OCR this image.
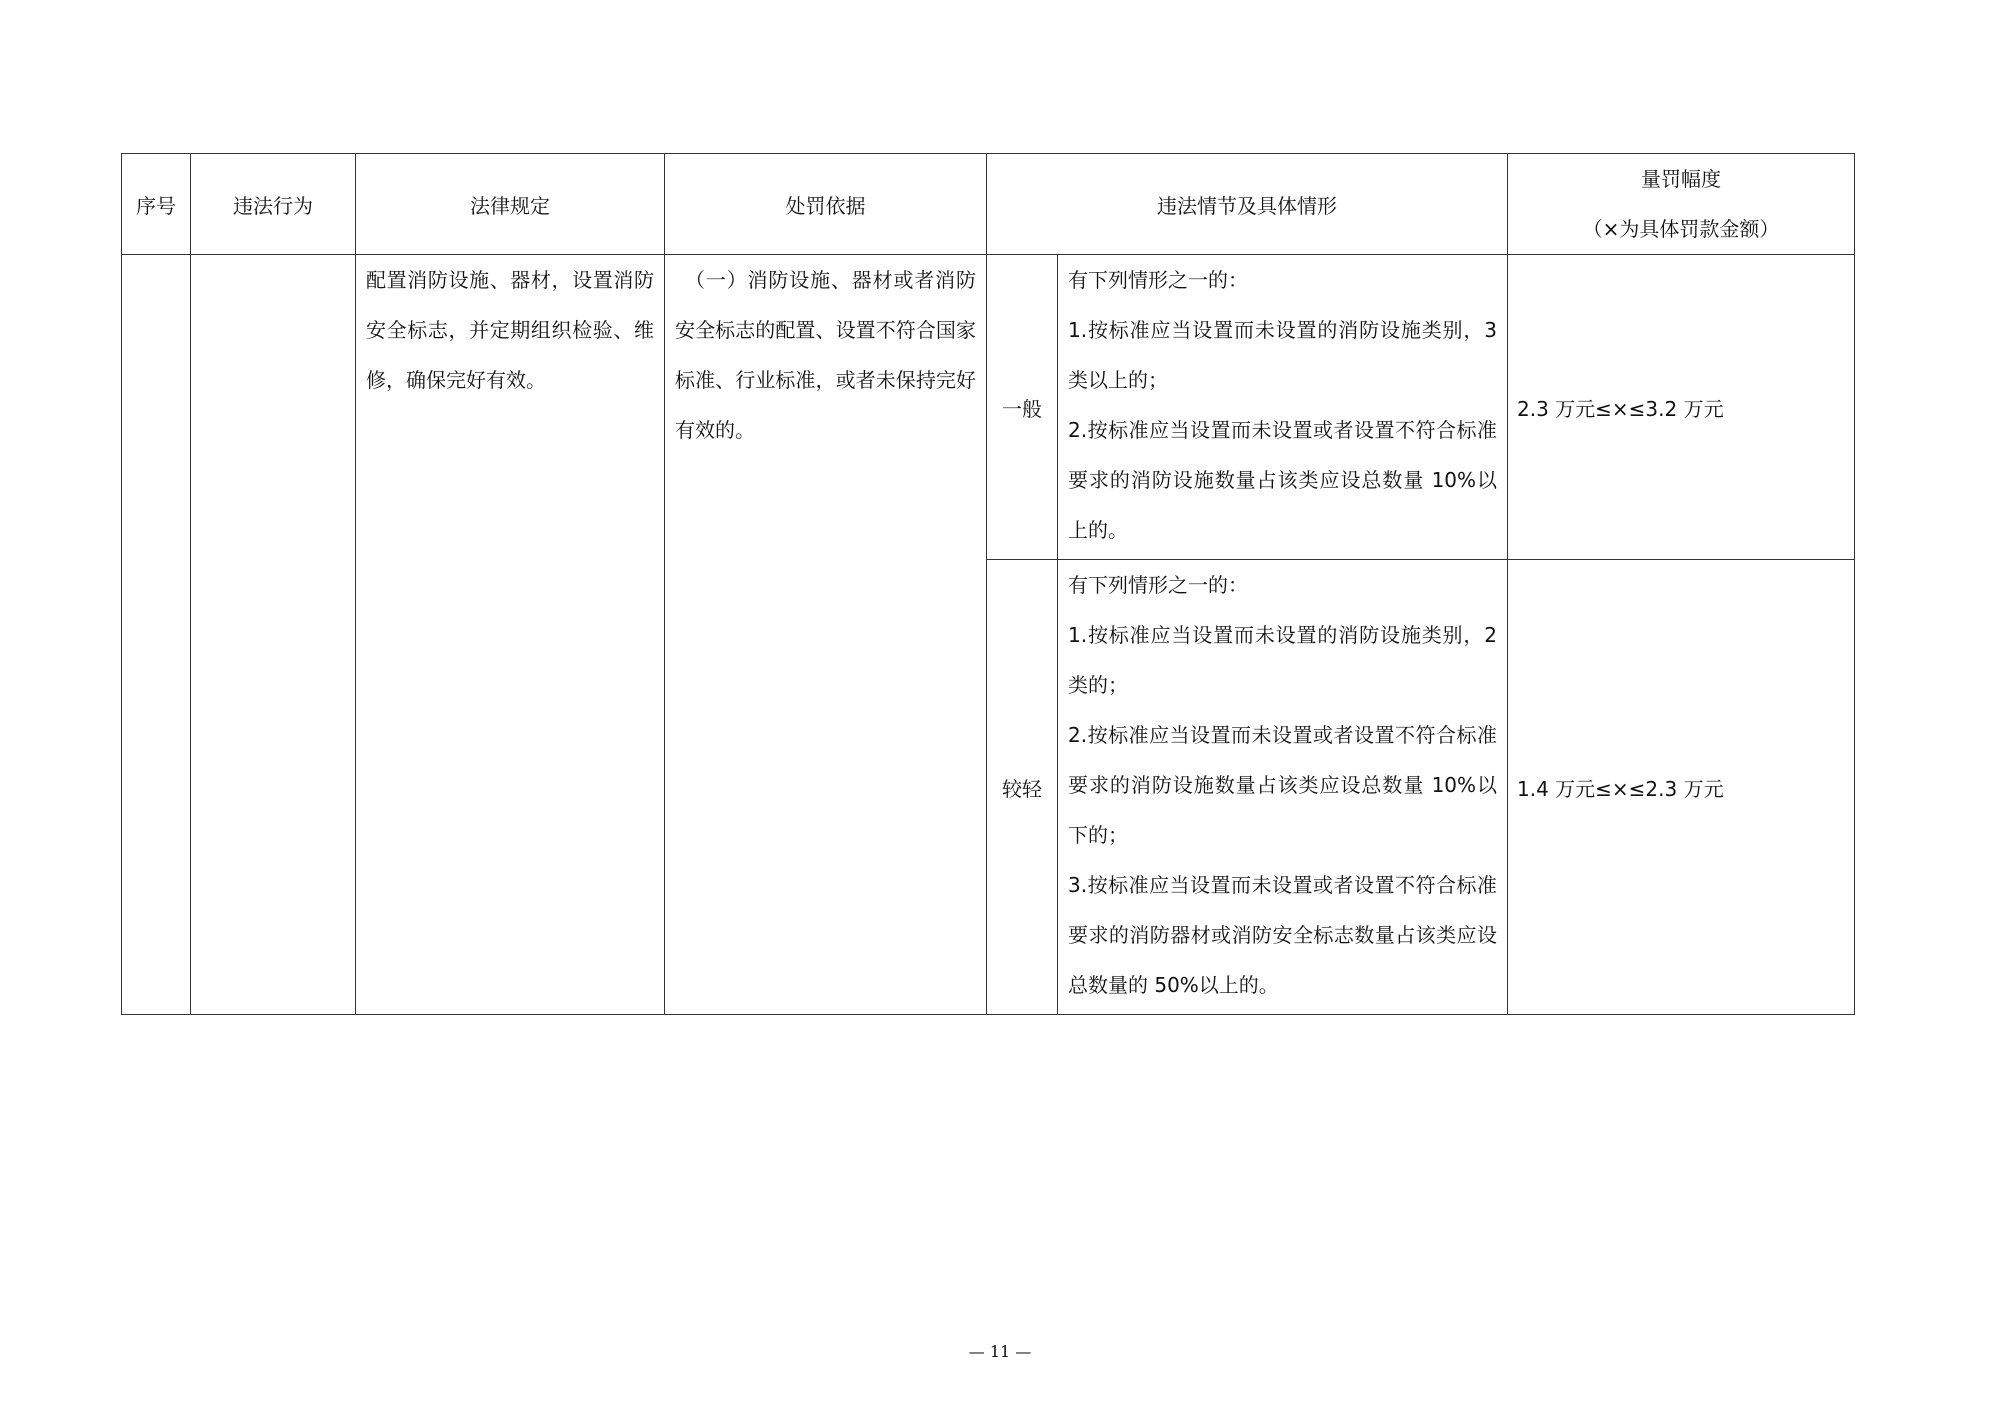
序号	违法行为	法律规定	处罚依据	违法情节及具体情形		量罚幅度
（×为具体罚款金额）

		配置消防设施、器材，设置消防安全标志，并定期组织检验、维修，确保完好有效。	（一）消防设施、器材或者消防安全标志的配置、设置不符合国家标准、行业标准，或者未保持完好有效的。	一般	有下列情形之一的：

1.按标准应当设置而未设置的消防设施类别，3类以上的；

2.按标准应当设置而未设置或者设置不符合标准要求的消防设施数量占该类应设总数量 10%以上的。	2.3 万元≤×≤3.2 万元
				较轻	有下列情形之一的：

1.按标准应当设置而未设置的消防设施类别，2类的；

2.按标准应当设置而未设置或者设置不符合标准要求的消防设施数量占该类应设总数量 10%以下的；

3.按标准应当设置而未设置或者设置不符合标准要求的消防器材或消防安全标志数量占该类应设总数量的 50%以上的。	1.4 万元≤×≤2.3 万元
— 11 —
